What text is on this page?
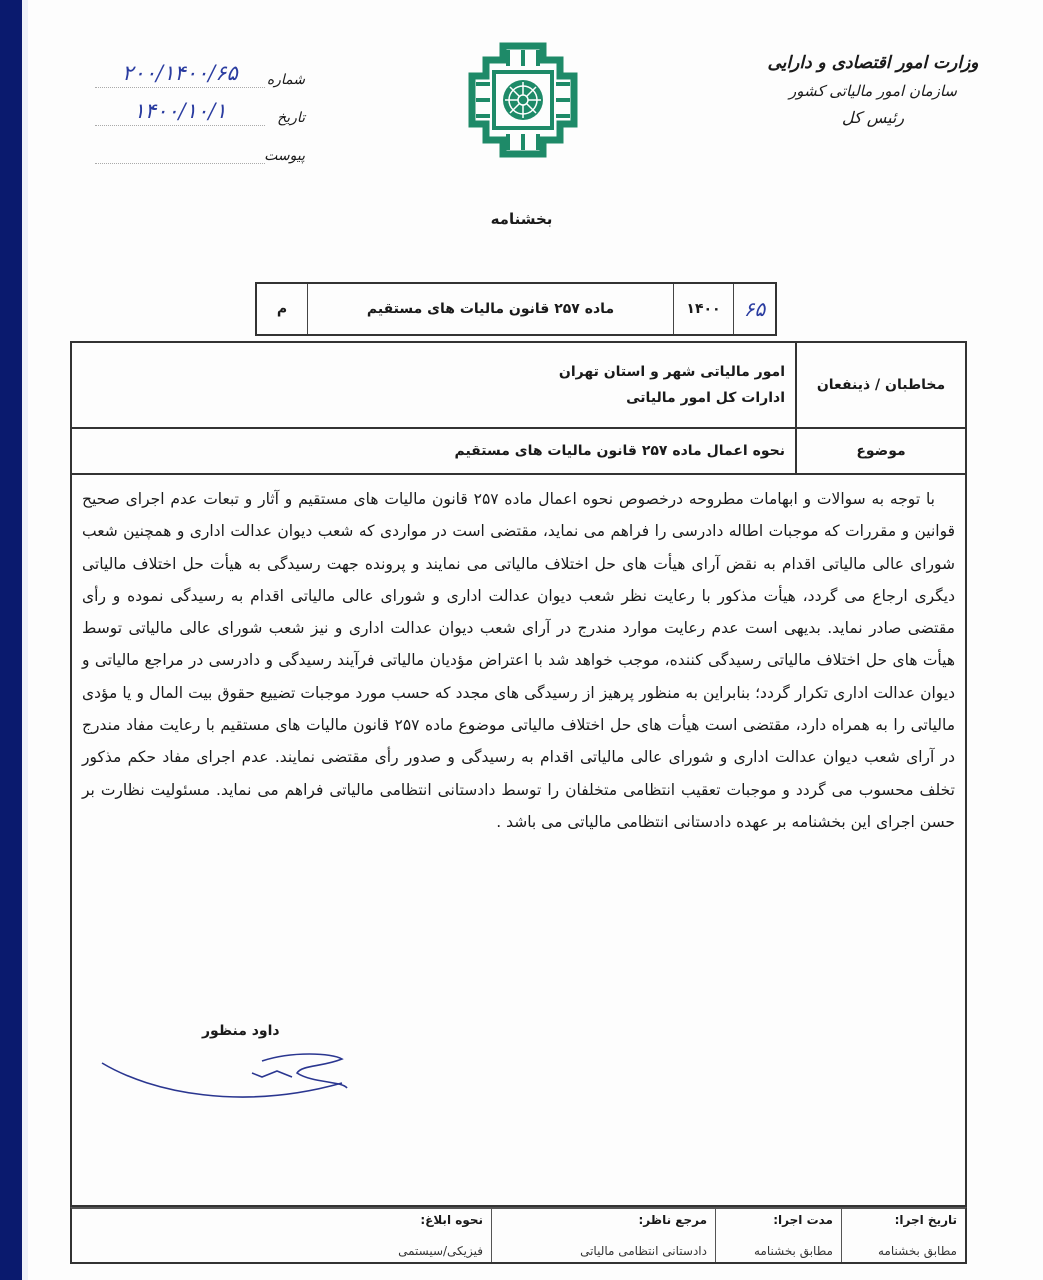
وزارت امور اقتصادی و دارایی
سازمان امور مالیاتی کشور
رئیس کل
شماره
۲۰۰/۱۴۰۰/۶۵
تاریخ
۱۴۰۰/۱۰/۱
پیوست
بخشنامه
۶۵
۱۴۰۰
ماده ۲۵۷ قانون مالیات های مستقیم
م
مخاطبان / ذینفعان
امور مالیاتی شهر و استان تهران
ادارات کل امور مالیاتی
موضوع
نحوه اعمال ماده ۲۵۷ قانون مالیات های مستقیم

با توجه به سوالات و ابهامات مطروحه درخصوص نحوه اعمال ماده ۲۵۷ قانون مالیات های مستقیم و آثار و تبعات عدم اجرای صحیح قوانین و مقررات که موجبات اطاله دادرسی را فراهم می نماید، مقتضی است در مواردی که شعب دیوان عدالت اداری و همچنین شعب شورای عالی مالیاتی اقدام به نقض آرای هیأت های حل اختلاف مالیاتی می نمایند و پرونده جهت رسیدگی به هیأت حل اختلاف مالیاتی دیگری ارجاع می گردد، هیأت مذکور با رعایت نظر شعب دیوان عدالت اداری و شورای عالی مالیاتی اقدام به رسیدگی نموده و رأی مقتضی صادر نماید. بدیهی است عدم رعایت موارد مندرج در آرای شعب دیوان عدالت اداری و نیز شعب شورای عالی مالیاتی توسط هیأت های حل اختلاف مالیاتی رسیدگی کننده، موجب خواهد شد با اعتراض مؤدیان مالیاتی فرآیند رسیدگی و دادرسی در مراجع مالیاتی و دیوان عدالت اداری تکرار گردد؛ بنابراین به منظور پرهیز از رسیدگی های مجدد که حسب مورد موجبات تضییع حقوق بیت المال و یا مؤدی مالیاتی را به همراه دارد، مقتضی است هیأت های حل اختلاف مالیاتی موضوع ماده ۲۵۷ قانون مالیات های مستقیم با رعایت مفاد مندرج در آرای شعب دیوان عدالت اداری و شورای عالی مالیاتی اقدام به رسیدگی و صدور رأی مقتضی نمایند. عدم اجرای مفاد حکم مذکور تخلف محسوب می گردد و موجبات تعقیب انتظامی متخلفان را توسط دادستانی انتظامی مالیاتی فراهم می نماید. مسئولیت نظارت بر حسن اجرای این بخشنامه بر عهده دادستانی انتظامی مالیاتی می باشد .

داود منظور
تاریخ اجرا:
مطابق بخشنامه
مدت اجرا:
مطابق بخشنامه
مرجع ناظر:
دادستانی انتظامی مالیاتی
نحوه ابلاغ:
فیزیکی/سیستمی
